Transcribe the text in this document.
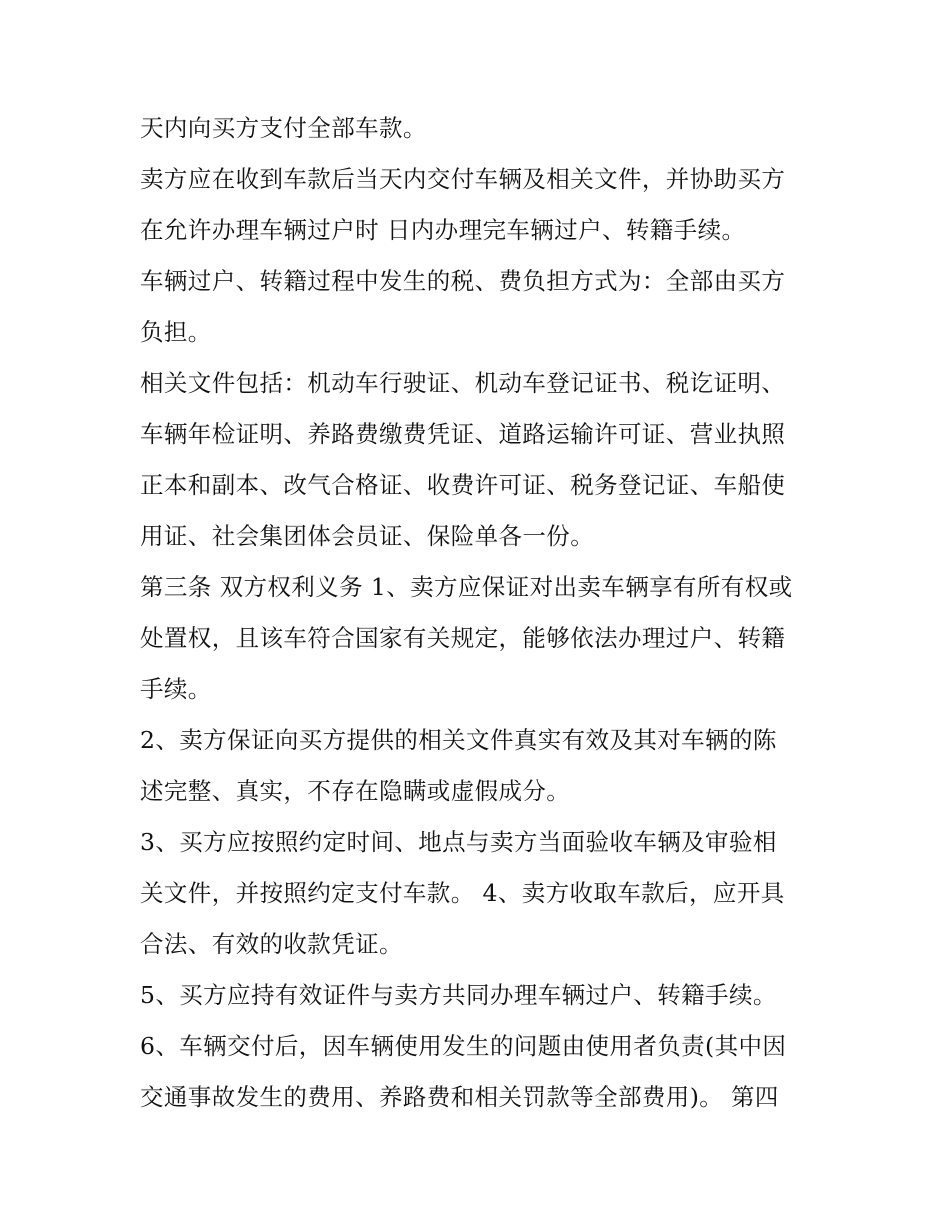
天内向买方支付全部车款。
卖方应在收到车款后当天内交付车辆及相关文件，并协助买方
在允许办理车辆过户时 日内办理完车辆过户、转籍手续。
车辆过户、转籍过程中发生的税、费负担方式为：全部由买方
负担。
相关文件包括：机动车行驶证、机动车登记证书、税讫证明、
车辆年检证明、养路费缴费凭证、道路运输许可证、营业执照
正本和副本、改气合格证、收费许可证、税务登记证、车船使
用证、社会集团体会员证、保险单各一份。
第三条 双方权利义务 1、卖方应保证对出卖车辆享有所有权或
处置权，且该车符合国家有关规定，能够依法办理过户、转籍
手续。
2、卖方保证向买方提供的相关文件真实有效及其对车辆的陈
述完整、真实，不存在隐瞒或虚假成分。
3、买方应按照约定时间、地点与卖方当面验收车辆及审验相
关文件，并按照约定支付车款。 4、卖方收取车款后，应开具
合法、有效的收款凭证。
5、买方应持有效证件与卖方共同办理车辆过户、转籍手续。
6、车辆交付后，因车辆使用发生的问题由使用者负责(其中因
交通事故发生的费用、养路费和相关罚款等全部费用)。 第四
